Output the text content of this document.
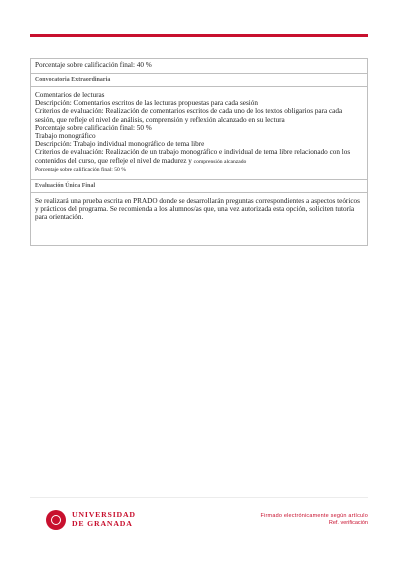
Porcentaje sobre calificación final: 40 %
Convocatoria Extraordinaria

Comentarios de lecturas

Descripción: Comentarios escritos de las lecturas propuestas para cada sesión

Criterios de evaluación: Realización de comentarios escritos de cada uno de los textos obligarios para cada sesión, que refleje el nivel de análisis, comprensión y reflexión alcanzado en su lectura

Porcentaje sobre calificación final: 50 %

Trabajo monográfico

Descripción: Trabajo individual monográfico de tema libre

Criterios de evaluación: Realización de un trabajo monográfico e individual de tema libre relacionado con los contenidos del curso, que refleje el nivel de madurez y comprensión alcanzado

Porcentaje sobre calificación final: 50 %

Evaluación Única Final

Se realizará una prueba escrita en PRADO donde se desarrollarán preguntas correspondientes a aspectos teóricos y prácticos del programa. Se recomienda a los alumnos/as que, una vez autorizada esta opción, soliciten tutoría para orientación.

UNIVERSIDAD
DE GRANADA
Firmado electrónicamente según artículo
Ref. verificación
